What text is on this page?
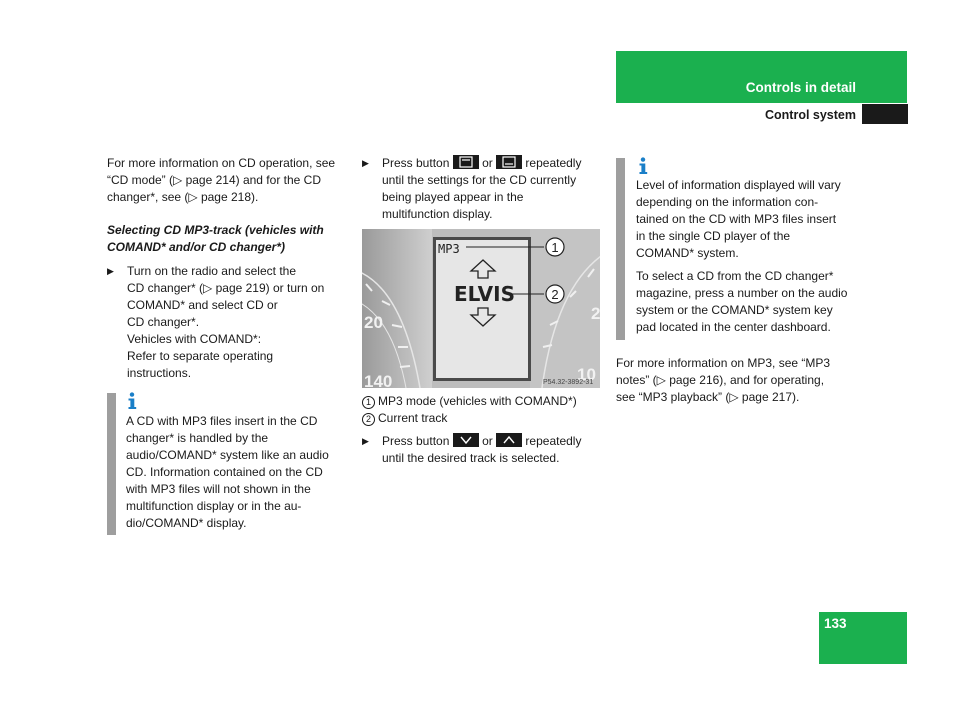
Controls in detail
Control system
For more information on CD operation, see
“CD mode” (▷ page 214) and for the CD
changer*, see (▷ page 218).
Selecting CD MP3-track (vehicles with
COMAND* and/or CD changer*)
▶ Turn on the radio and select the
CD changer* (▷ page 219) or turn on
COMAND* and select CD or
CD changer*.
Vehicles with COMAND*:
Refer to separate operating
instructions.
A CD with MP3 files insert in the CD
changer* is handled by the
audio/COMAND* system like an audio
CD. Information contained on the CD
with MP3 files will not shown in the
multifunction display or in the au-
dio/COMAND* display.
▶ Press button	or	repeatedly
until the settings for the CD currently
being played appear in the
multifunction display.
20
140
2
10
MP3
ELVIS
1
2
P54.32-3892-31
1 MP3 mode (vehicles with COMAND*)
2 Current track
▶ Press button	or	repeatedly
until the desired track is selected.
Level of information displayed will vary
depending on the information con-
tained on the CD with MP3 files insert
in the single CD player of the
COMAND* system.
To select a CD from the CD changer*
magazine, press a number on the audio
system or the COMAND* system key
pad located in the center dashboard.
For more information on MP3, see “MP3
notes” (▷ page 216), and for operating,
see “MP3 playback” (▷ page 217).
133
